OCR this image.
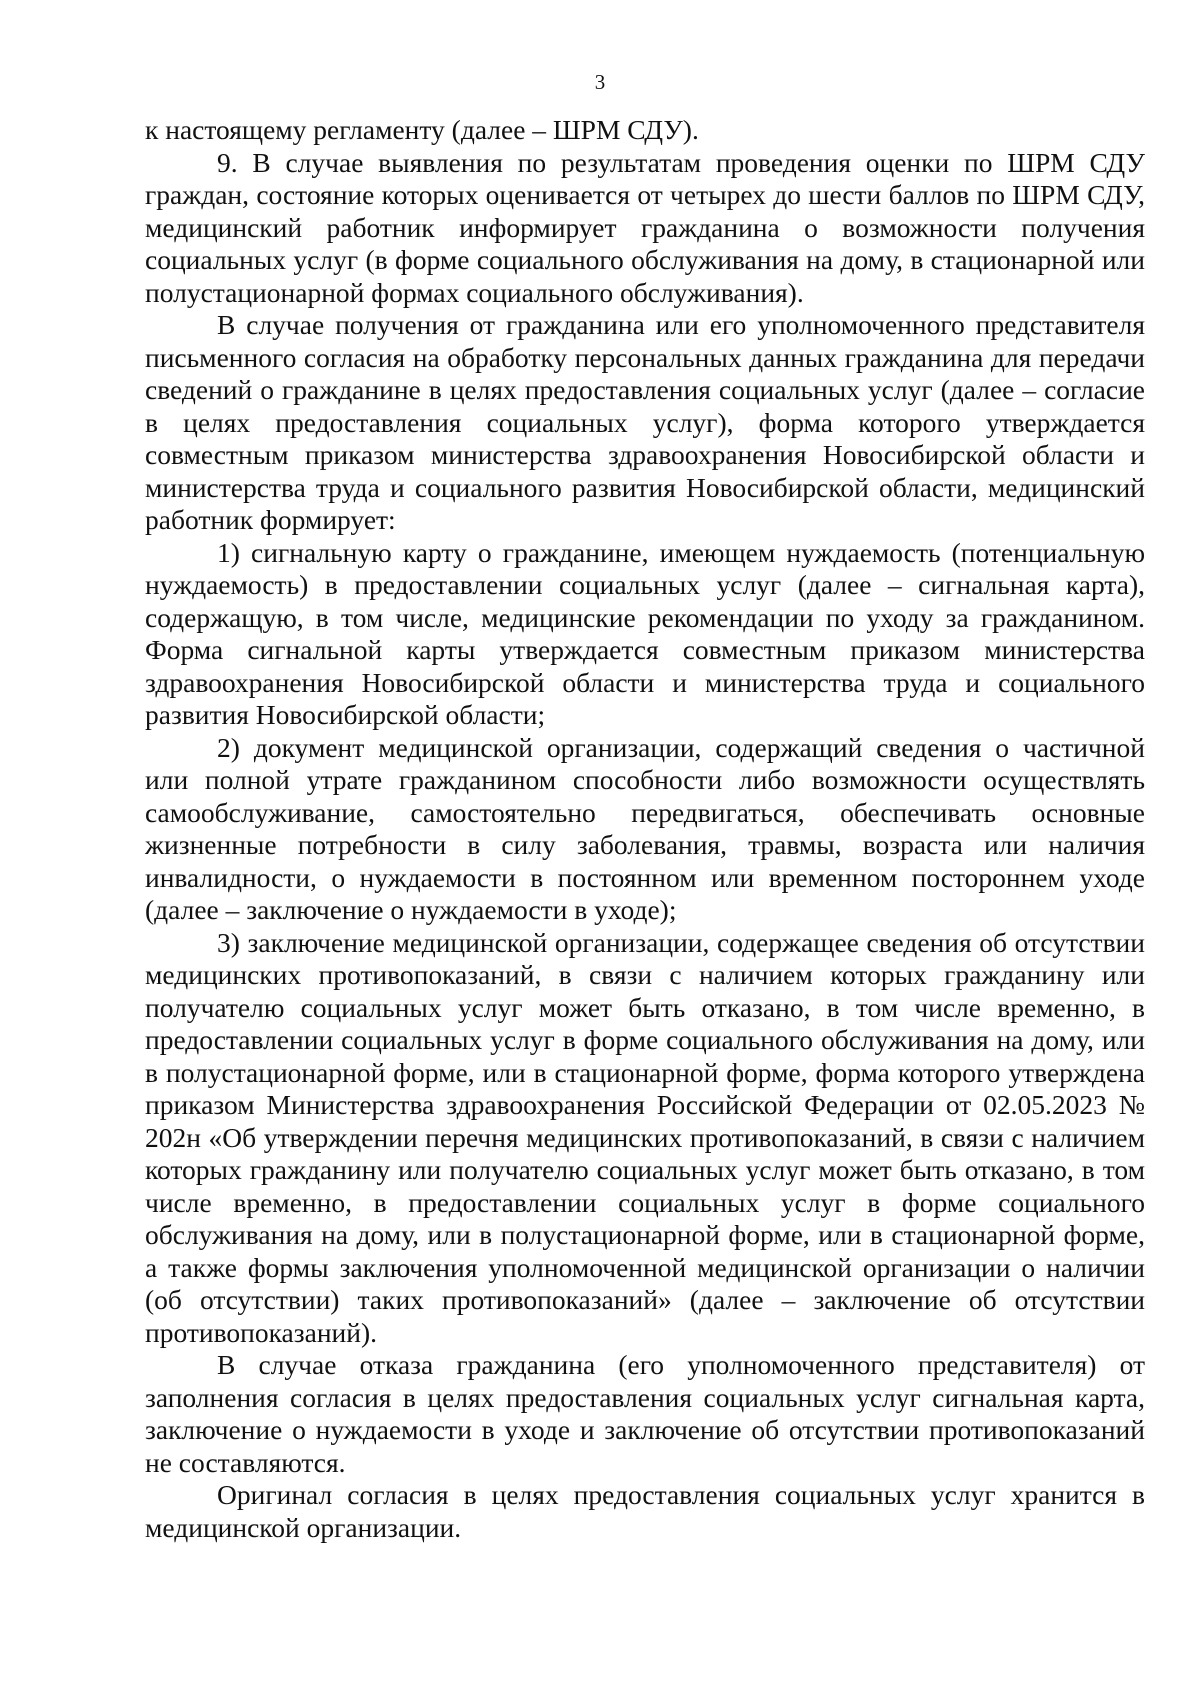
3

к настоящему регламенту (далее – ШРМ СДУ).

9. В случае выявления по результатам проведения оценки по ШРМ СДУ граждан, состояние которых оценивается от четырех до шести баллов по ШРМ СДУ, медицинский работник информирует гражданина о возможности получения социальных услуг (в форме социального обслуживания на дому, в стационарной или полустационарной формах социального обслуживания).

В случае получения от гражданина или его уполномоченного представителя письменного согласия на обработку персональных данных гражданина для передачи сведений о гражданине в целях предоставления социальных услуг (далее – согласие в целях предоставления социальных услуг), форма которого утверждается совместным приказом министерства здравоохранения Новосибирской области и министерства труда и социального развития Новосибирской области, медицинский работник формирует:

1) сигнальную карту о гражданине, имеющем нуждаемость (потенциальную нуждаемость) в предоставлении социальных услуг (далее – сигнальная карта), содержащую, в том числе, медицинские рекомендации по уходу за гражданином. Форма сигнальной карты утверждается совместным приказом министерства здравоохранения Новосибирской области и министерства труда и социального развития Новосибирской области;

2) документ медицинской организации, содержащий сведения о частичной или полной утрате гражданином способности либо возможности осуществлять самообслуживание, самостоятельно передвигаться, обеспечивать основные жизненные потребности в силу заболевания, травмы, возраста или наличия инвалидности, о нуждаемости в постоянном или временном постороннем уходе (далее – заключение о нуждаемости в уходе);

3) заключение медицинской организации, содержащее сведения об отсутствии медицинских противопоказаний, в связи с наличием которых гражданину или получателю социальных услуг может быть отказано, в том числе временно, в предоставлении социальных услуг в форме социального обслуживания на дому, или в полустационарной форме, или в стационарной форме, форма которого утверждена приказом Министерства здравоохранения Российской Федерации от 02.05.2023 № 202н «Об утверждении перечня медицинских противопоказаний, в связи с наличием которых гражданину или получателю социальных услуг может быть отказано, в том числе временно, в предоставлении социальных услуг в форме социального обслуживания на дому, или в полустационарной форме, или в стационарной форме, а также формы заключения уполномоченной медицинской организации о наличии (об отсутствии) таких противопоказаний» (далее – заключение об отсутствии противопоказаний).

В случае отказа гражданина (его уполномоченного представителя) от заполнения согласия в целях предоставления социальных услуг сигнальная карта, заключение о нуждаемости в уходе и заключение об отсутствии противопоказаний не составляются.

Оригинал согласия в целях предоставления социальных услуг хранится в медицинской организации.
